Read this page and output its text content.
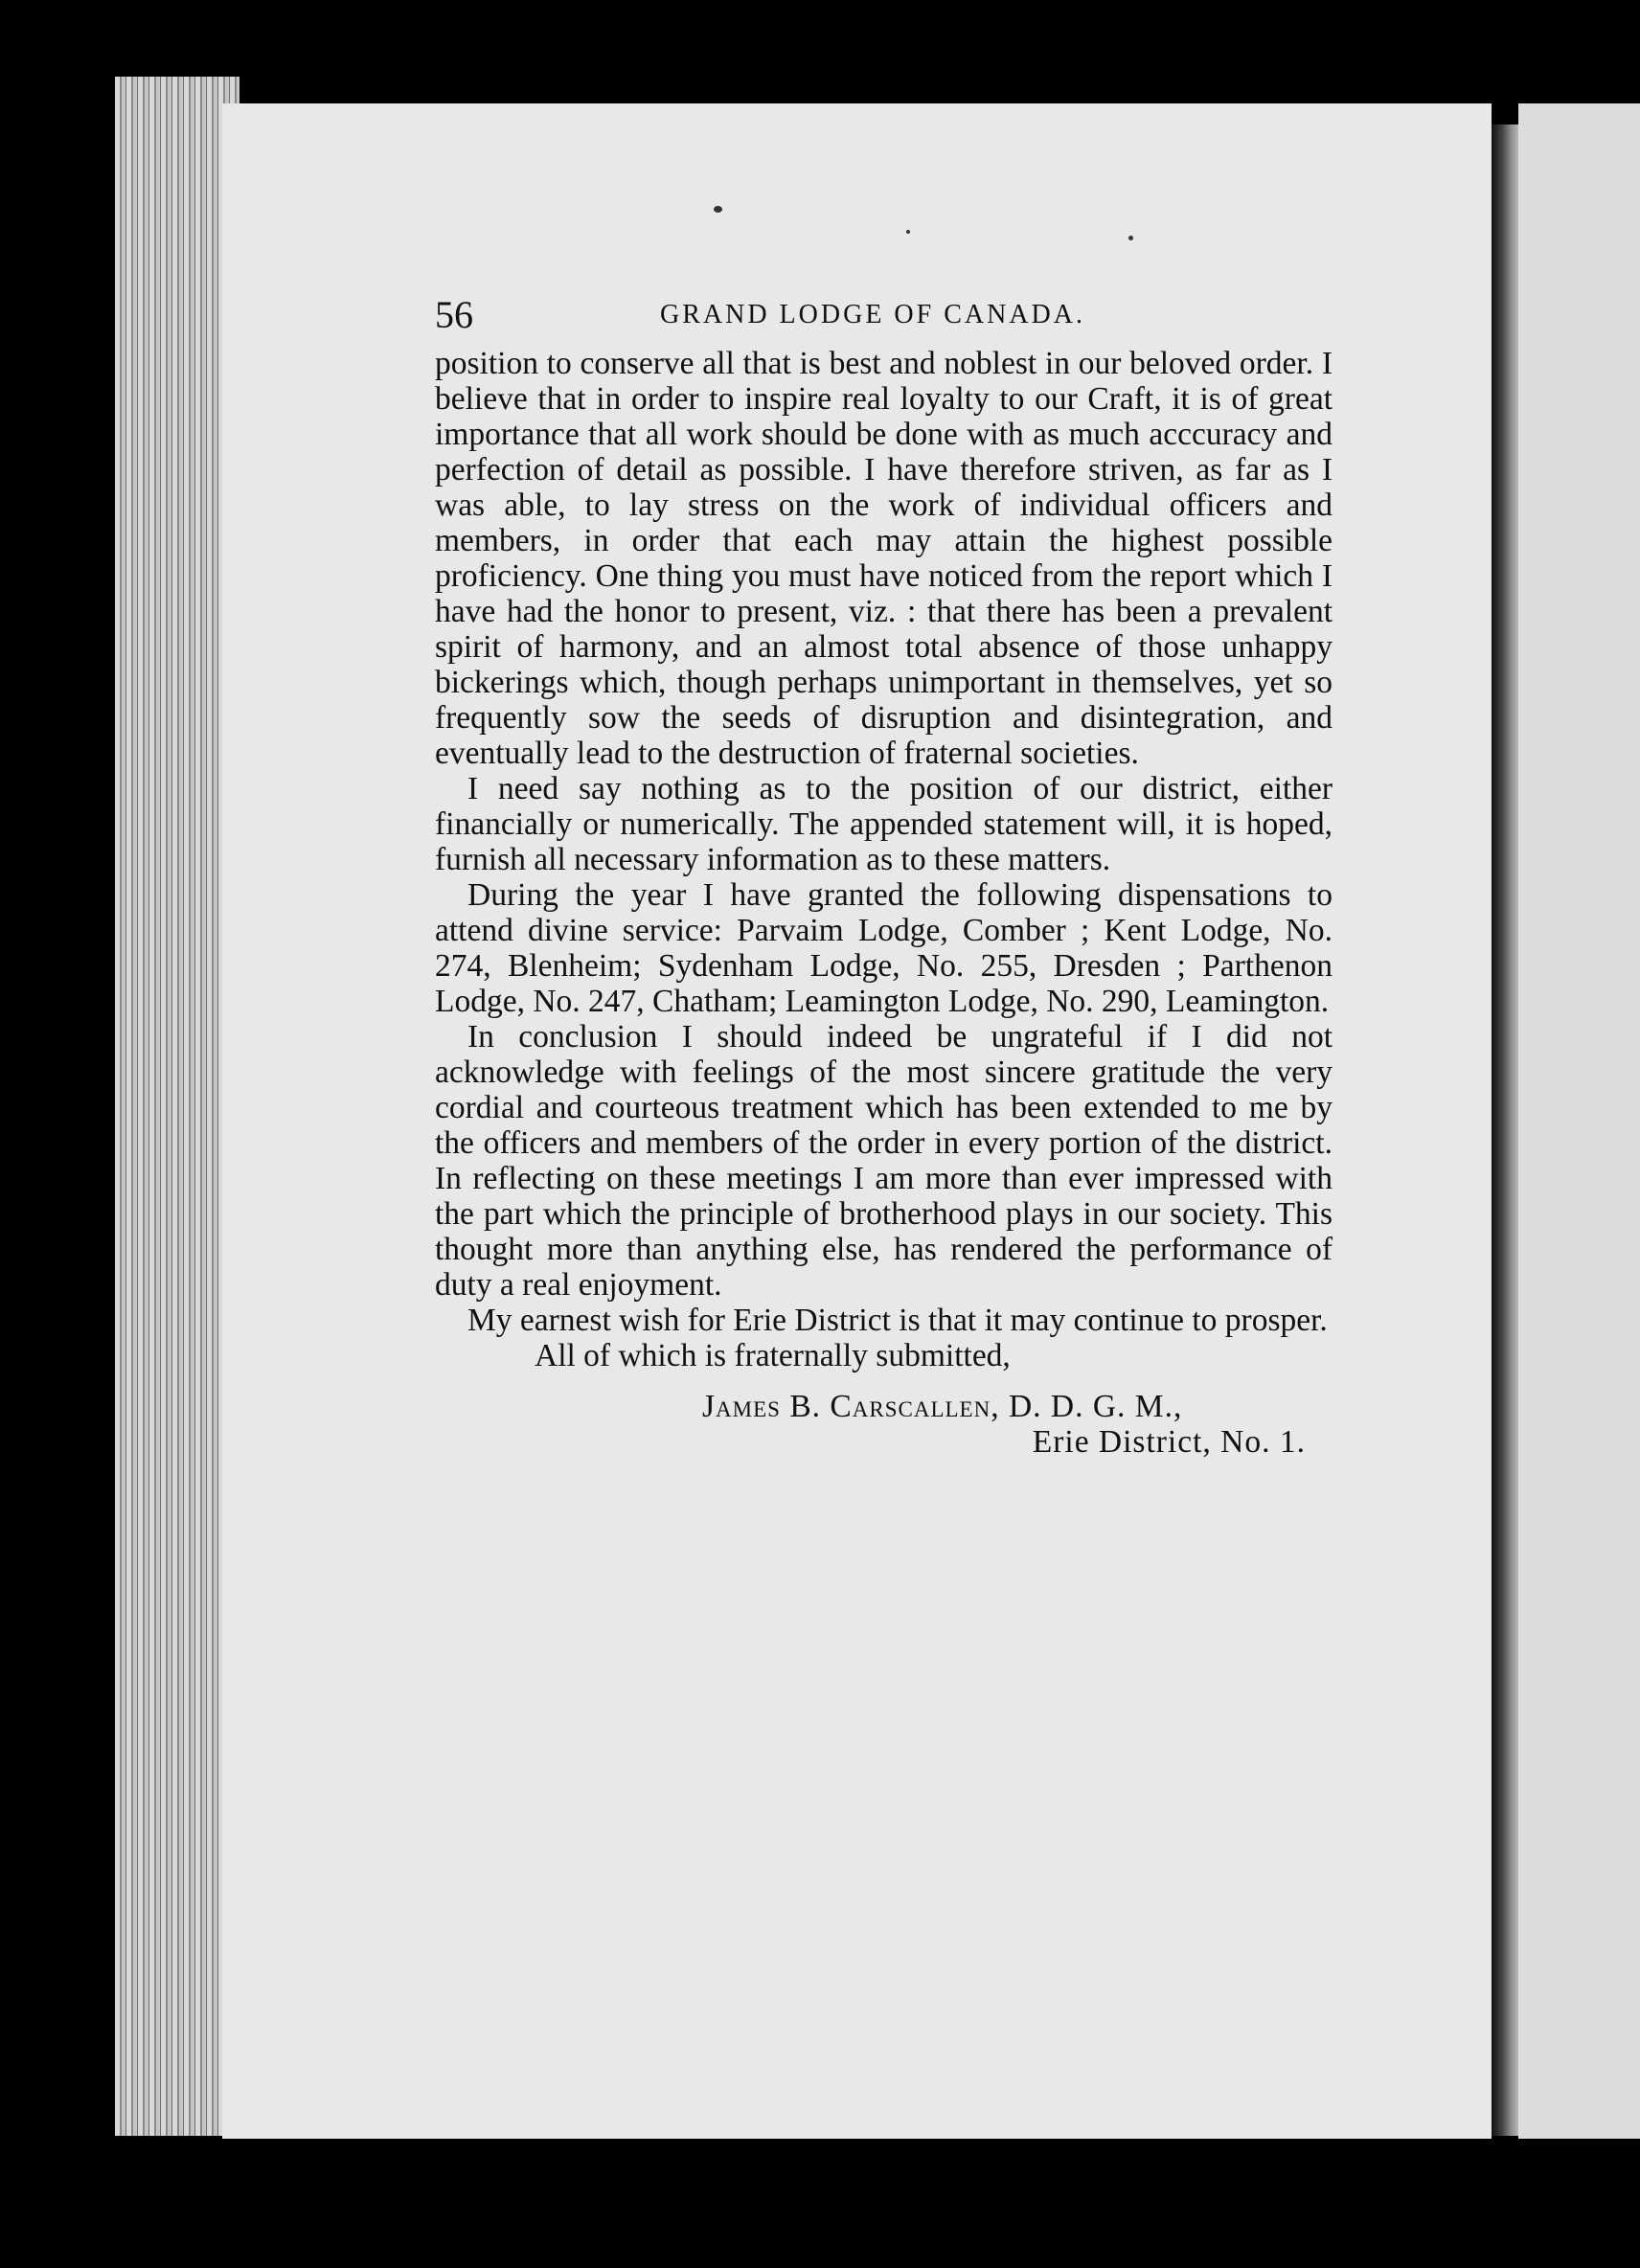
56	GRAND LODGE OF CANADA.

position to conserve all that is best and noblest in our beloved order. I believe that in order to inspire real loyalty to our Craft, it is of great importance that all work should be done with as much acccuracy and perfection of detail as possible. I have therefore striven, as far as I was able, to lay stress on the work of individual officers and members, in order that each may attain the highest possible proficiency. One thing you must have noticed from the report which I have had the honor to present, viz. : that there has been a prevalent spirit of harmony, and an almost total absence of those unhappy bickerings which, though perhaps unimportant in themselves, yet so frequently sow the seeds of disruption and disintegration, and eventually lead to the destruction of fraternal societies.

I need say nothing as to the position of our district, either financially or numerically. The appended statement will, it is hoped, furnish all necessary information as to these matters.

During the year I have granted the following dispensations to attend divine service: Parvaim Lodge, Comber ; Kent Lodge, No. 274, Blenheim; Sydenham Lodge, No. 255, Dresden ; Parthenon Lodge, No. 247, Chatham; Leamington Lodge, No. 290, Leamington.

In conclusion I should indeed be ungrateful if I did not acknowledge with feelings of the most sincere gratitude the very cordial and courteous treatment which has been extended to me by the officers and members of the order in every portion of the district. In reflecting on these meetings I am more than ever impressed with the part which the principle of brotherhood plays in our society. This thought more than anything else, has rendered the performance of duty a real enjoyment.

My earnest wish for Erie District is that it may continue to prosper.

All of which is fraternally submitted,

James B. Carscallen, D. D. G. M.,
Erie District, No. 1.
